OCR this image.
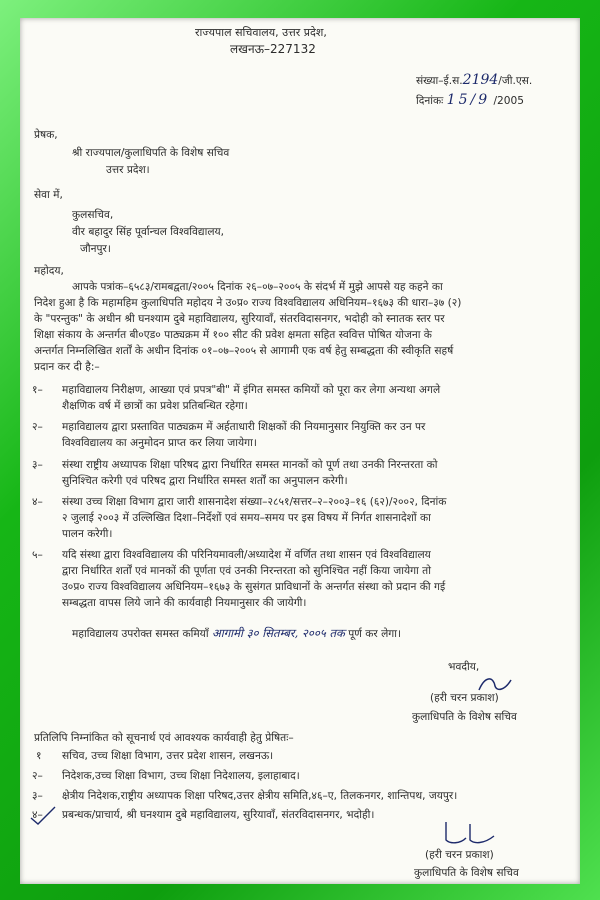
राज्यपाल सचिवालय, उत्तर प्रदेश,
लखनऊ–227132
संख्या–ई.स.2194/जी.एस.
दिनांकः 15/9 /2005
प्रेषक,
श्री राज्यपाल/कुलाधिपति के विशेष सचिव
उत्तर प्रदेश।
सेवा में,
कुलसचिव,
वीर बहादुर सिंह पूर्वान्चल विश्वविद्यालय,
जौनपुर।
महोदय,
आपके पत्रांक–६५८३/रामबद्वता/२००५ दिनांक २६–०७–२००५ के संदर्भ में मुझे आपसे यह कहने का
निदेश हुआ है कि महामहिम कुलाधिपति महोदय ने उ०प्र० राज्य विश्वविद्यालय अधिनियम–१६७३ की धारा–३७ (२)
के "परन्तुक" के अधीन श्री घनश्याम दुबे महाविद्यालय, सुरियावॉं, संतरविदासनगर, भदोही को स्नातक स्तर पर
शिक्षा संकाय के अन्तर्गत बी०एड० पाठ्यक्रम में १०० सीट की प्रवेश क्षमता सहित स्ववित्त पोषित योजना के
अन्तर्गत निम्नलिखित शर्तों के अधीन दिनांक ०१–०७–२००५ से आगामी एक वर्ष हेतु सम्बद्धता की स्वीकृति सहर्ष
प्रदान कर दी है:–
१– महाविद्यालय निरीक्षण, आख्या एवं प्रपत्र"बी" में इंगित समस्त कमियों को पूरा कर लेगा अन्यथा अगले
शैक्षणिक वर्ष में छात्रों का प्रवेश प्रतिबन्धित रहेगा।
२– महाविद्यालय द्वारा प्रस्तावित पाठ्यक्रम में अर्हताधारी शिक्षकों की नियमानुसार नियुक्ति कर उन पर
विश्वविद्यालय का अनुमोदन प्राप्त कर लिया जायेगा।
३– संस्था राष्ट्रीय अध्यापक शिक्षा परिषद द्वारा निर्धारित समस्त मानकों को पूर्ण तथा उनकी निरन्तरता को
सुनिश्चित करेगी एवं परिषद द्वारा निर्धारित समस्त शर्तों का अनुपालन करेगी।
४– संस्था उच्च शिक्षा विभाग द्वारा जारी शासनादेश संख्या–२८५१/सत्तर–२–२००३–१६ (६२)/२००२, दिनांक
२ जुलाई २००३ में उल्लिखित दिशा–निर्देशों एवं समय–समय पर इस विषय में निर्गत शासनादेशों का
पालन करेगी।
५– यदि संस्था द्वारा विश्वविद्यालय की परिनियमावली/अध्यादेश में वर्णित तथा शासन एवं विश्वविद्यालय
द्वारा निर्धारित शर्तों एवं मानकों की पूर्णता एवं उनकी निरन्तरता को सुनिश्चित नहीं किया जायेगा तो
उ०प्र० राज्य विश्वविद्यालय अधिनियम–१६७३ के सुसंगत प्राविधानों के अन्तर्गत संस्था को प्रदान की गई
सम्बद्धता वापस लिये जाने की कार्यवाही नियमानुसार की जायेगी।
महाविद्यालय उपरोक्त समस्त कमियॉं आगामी ३० सितम्बर, २००५ तक पूर्ण कर लेगा।
भवदीय,
(हरी चरन प्रकाश)
कुलाधिपति के विशेष सचिव
प्रतिलिपि निम्नांकित को सूचनार्थ एवं आवश्यक कार्यवाही हेतु प्रेषितः–
१ सचिव, उच्च शिक्षा विभाग, उत्तर प्रदेश शासन, लखनऊ।
२– निदेशक,उच्च शिक्षा विभाग, उच्च शिक्षा निदेशालय, इलाहाबाद।
३– क्षेत्रीय निदेशक,राष्ट्रीय अध्यापक शिक्षा परिषद,उत्तर क्षेत्रीय समिति,४६–ए, तिलकनगर, शान्तिपथ, जयपुर।
४– प्रबन्धक/प्राचार्य, श्री घनश्याम दुबे महाविद्यालय, सुरियावॉं, संतरविदासनगर, भदोही।
(हरी चरन प्रकाश)
कुलाधिपति के विशेष सचिव
